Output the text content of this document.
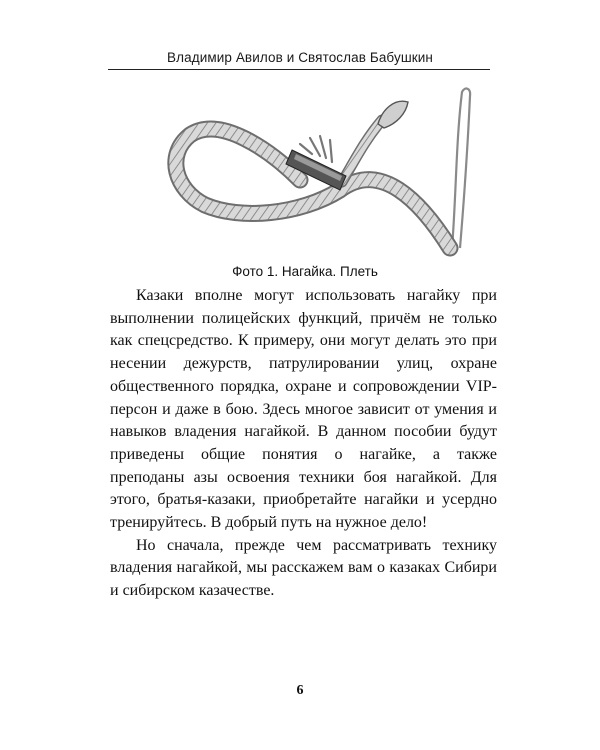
Владимир Авилов и Святослав Бабушкин
Фото 1. Нагайка. Плеть

Казаки вполне могут использовать нагайку при выполнении полицейских функций, причём не только как спецсредство. К примеру, они могут делать это при несении дежурств, патрулировании улиц, охране общественного порядка, охране и сопровождении VIP-персон и даже в бою. Здесь многое зависит от умения и навыков владения нагайкой. В данном пособии будут приведены общие понятия о нагайке, а также преподаны азы освоения техники боя нагайкой. Для этого, братья-казаки, приобретайте нагайки и усердно тренируйтесь. В добрый путь на нужное дело!

Но сначала, прежде чем рассматривать технику владения нагайкой, мы расскажем вам о казаках Сибири и сибирском казачестве.

6
